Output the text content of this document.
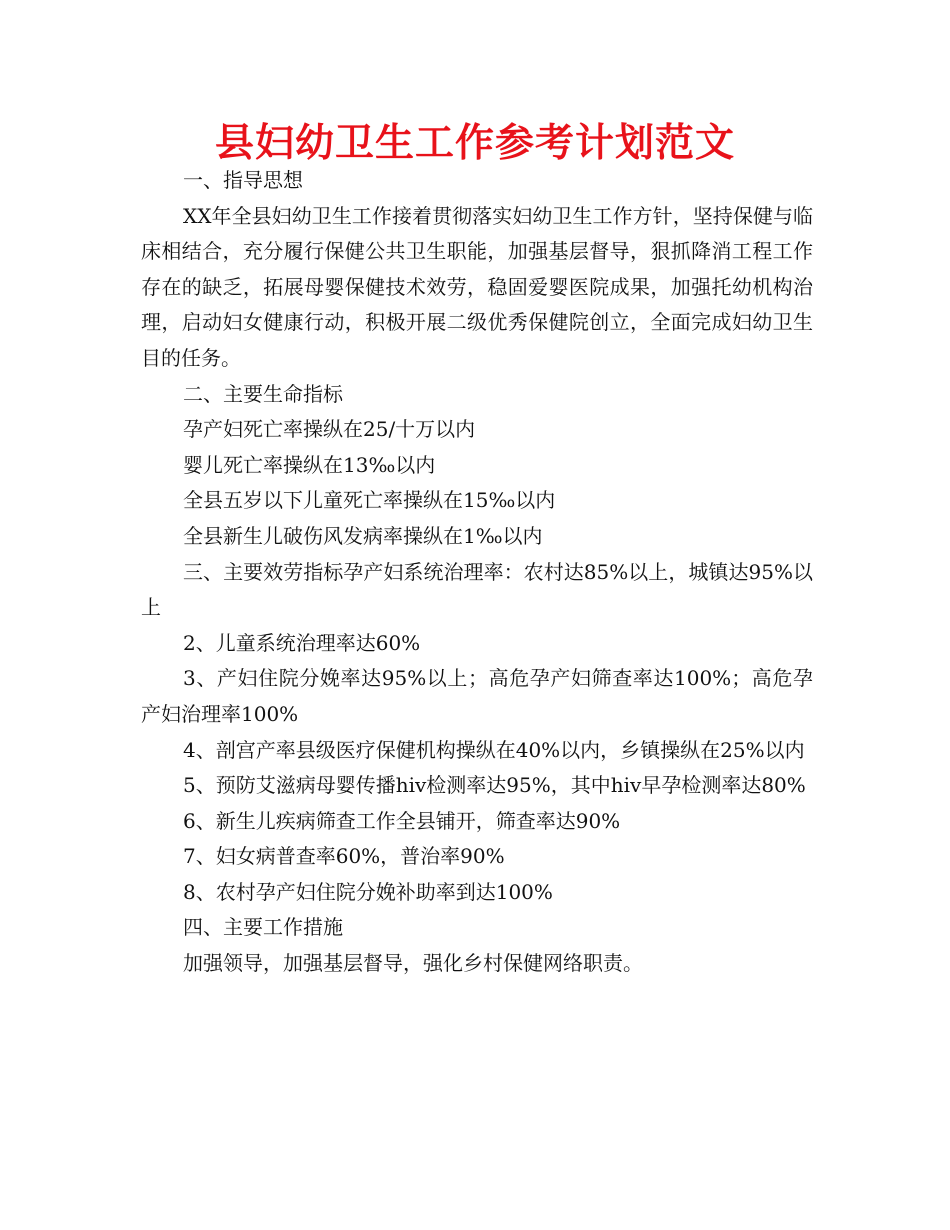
县妇幼卫生工作参考计划范文

一、指导思想

XX年全县妇幼卫生工作接着贯彻落实妇幼卫生工作方针，坚持保健与临床相结合，充分履行保健公共卫生职能，加强基层督导，狠抓降消工程工作存在的缺乏，拓展母婴保健技术效劳，稳固爱婴医院成果，加强托幼机构治理，启动妇女健康行动，积极开展二级优秀保健院创立，全面完成妇幼卫生目的任务。

二、主要生命指标

孕产妇死亡率操纵在25/十万以内

婴儿死亡率操纵在13‰以内

全县五岁以下儿童死亡率操纵在15‰以内

全县新生儿破伤风发病率操纵在1‰以内

三、主要效劳指标孕产妇系统治理率：农村达85%以上，城镇达95%以上

2、儿童系统治理率达60%

3、产妇住院分娩率达95%以上；高危孕产妇筛查率达100%；高危孕产妇治理率100%

4、剖宫产率县级医疗保健机构操纵在40%以内，乡镇操纵在25%以内

5、预防艾滋病母婴传播hiv检测率达95%，其中hiv早孕检测率达80%

6、新生儿疾病筛查工作全县铺开，筛查率达90%

7、妇女病普查率60%，普治率90%

8、农村孕产妇住院分娩补助率到达100%

四、主要工作措施

加强领导，加强基层督导，强化乡村保健网络职责。
